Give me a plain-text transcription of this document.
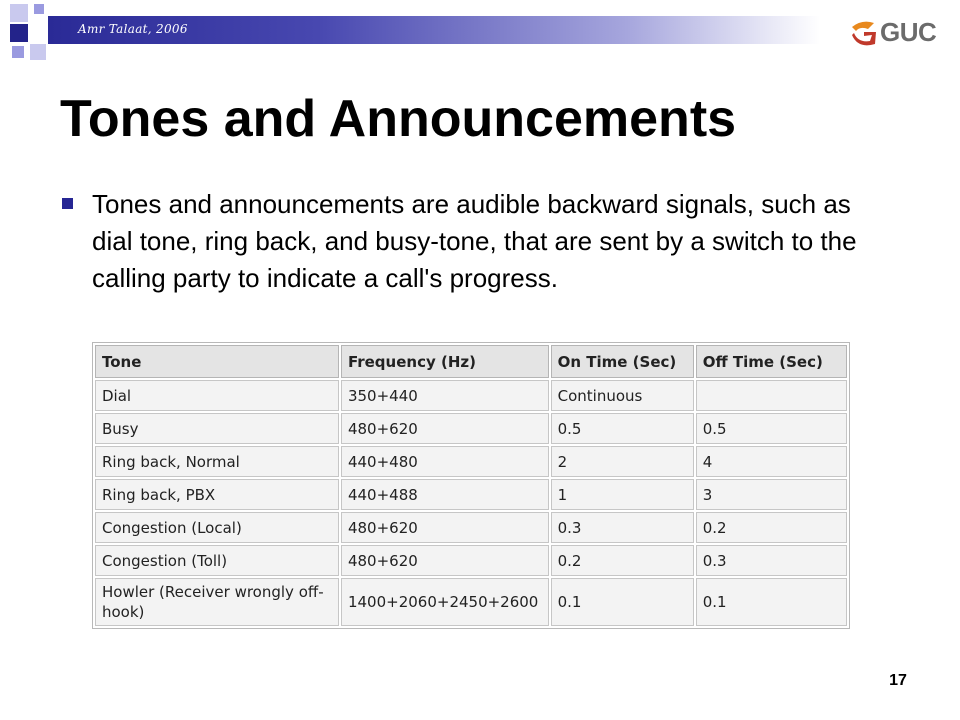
Amr Talaat, 2006	GUC
Tones and Announcements

Tones and announcements are audible backward signals, such as dial tone, ring back, and busy-tone, that are sent by a switch to the calling party to indicate a call's progress.

Tone	Frequency (Hz)	On Time (Sec)	Off Time (Sec)
Dial	350+440	Continuous	
Busy	480+620	0.5	0.5
Ring back, Normal	440+480	2	4
Ring back, PBX	440+488	1	3
Congestion (Local)	480+620	0.3	0.2
Congestion (Toll)	480+620	0.2	0.3
Howler (Receiver wrongly off-hook)	1400+2060+2450+2600	0.1	0.1
17
